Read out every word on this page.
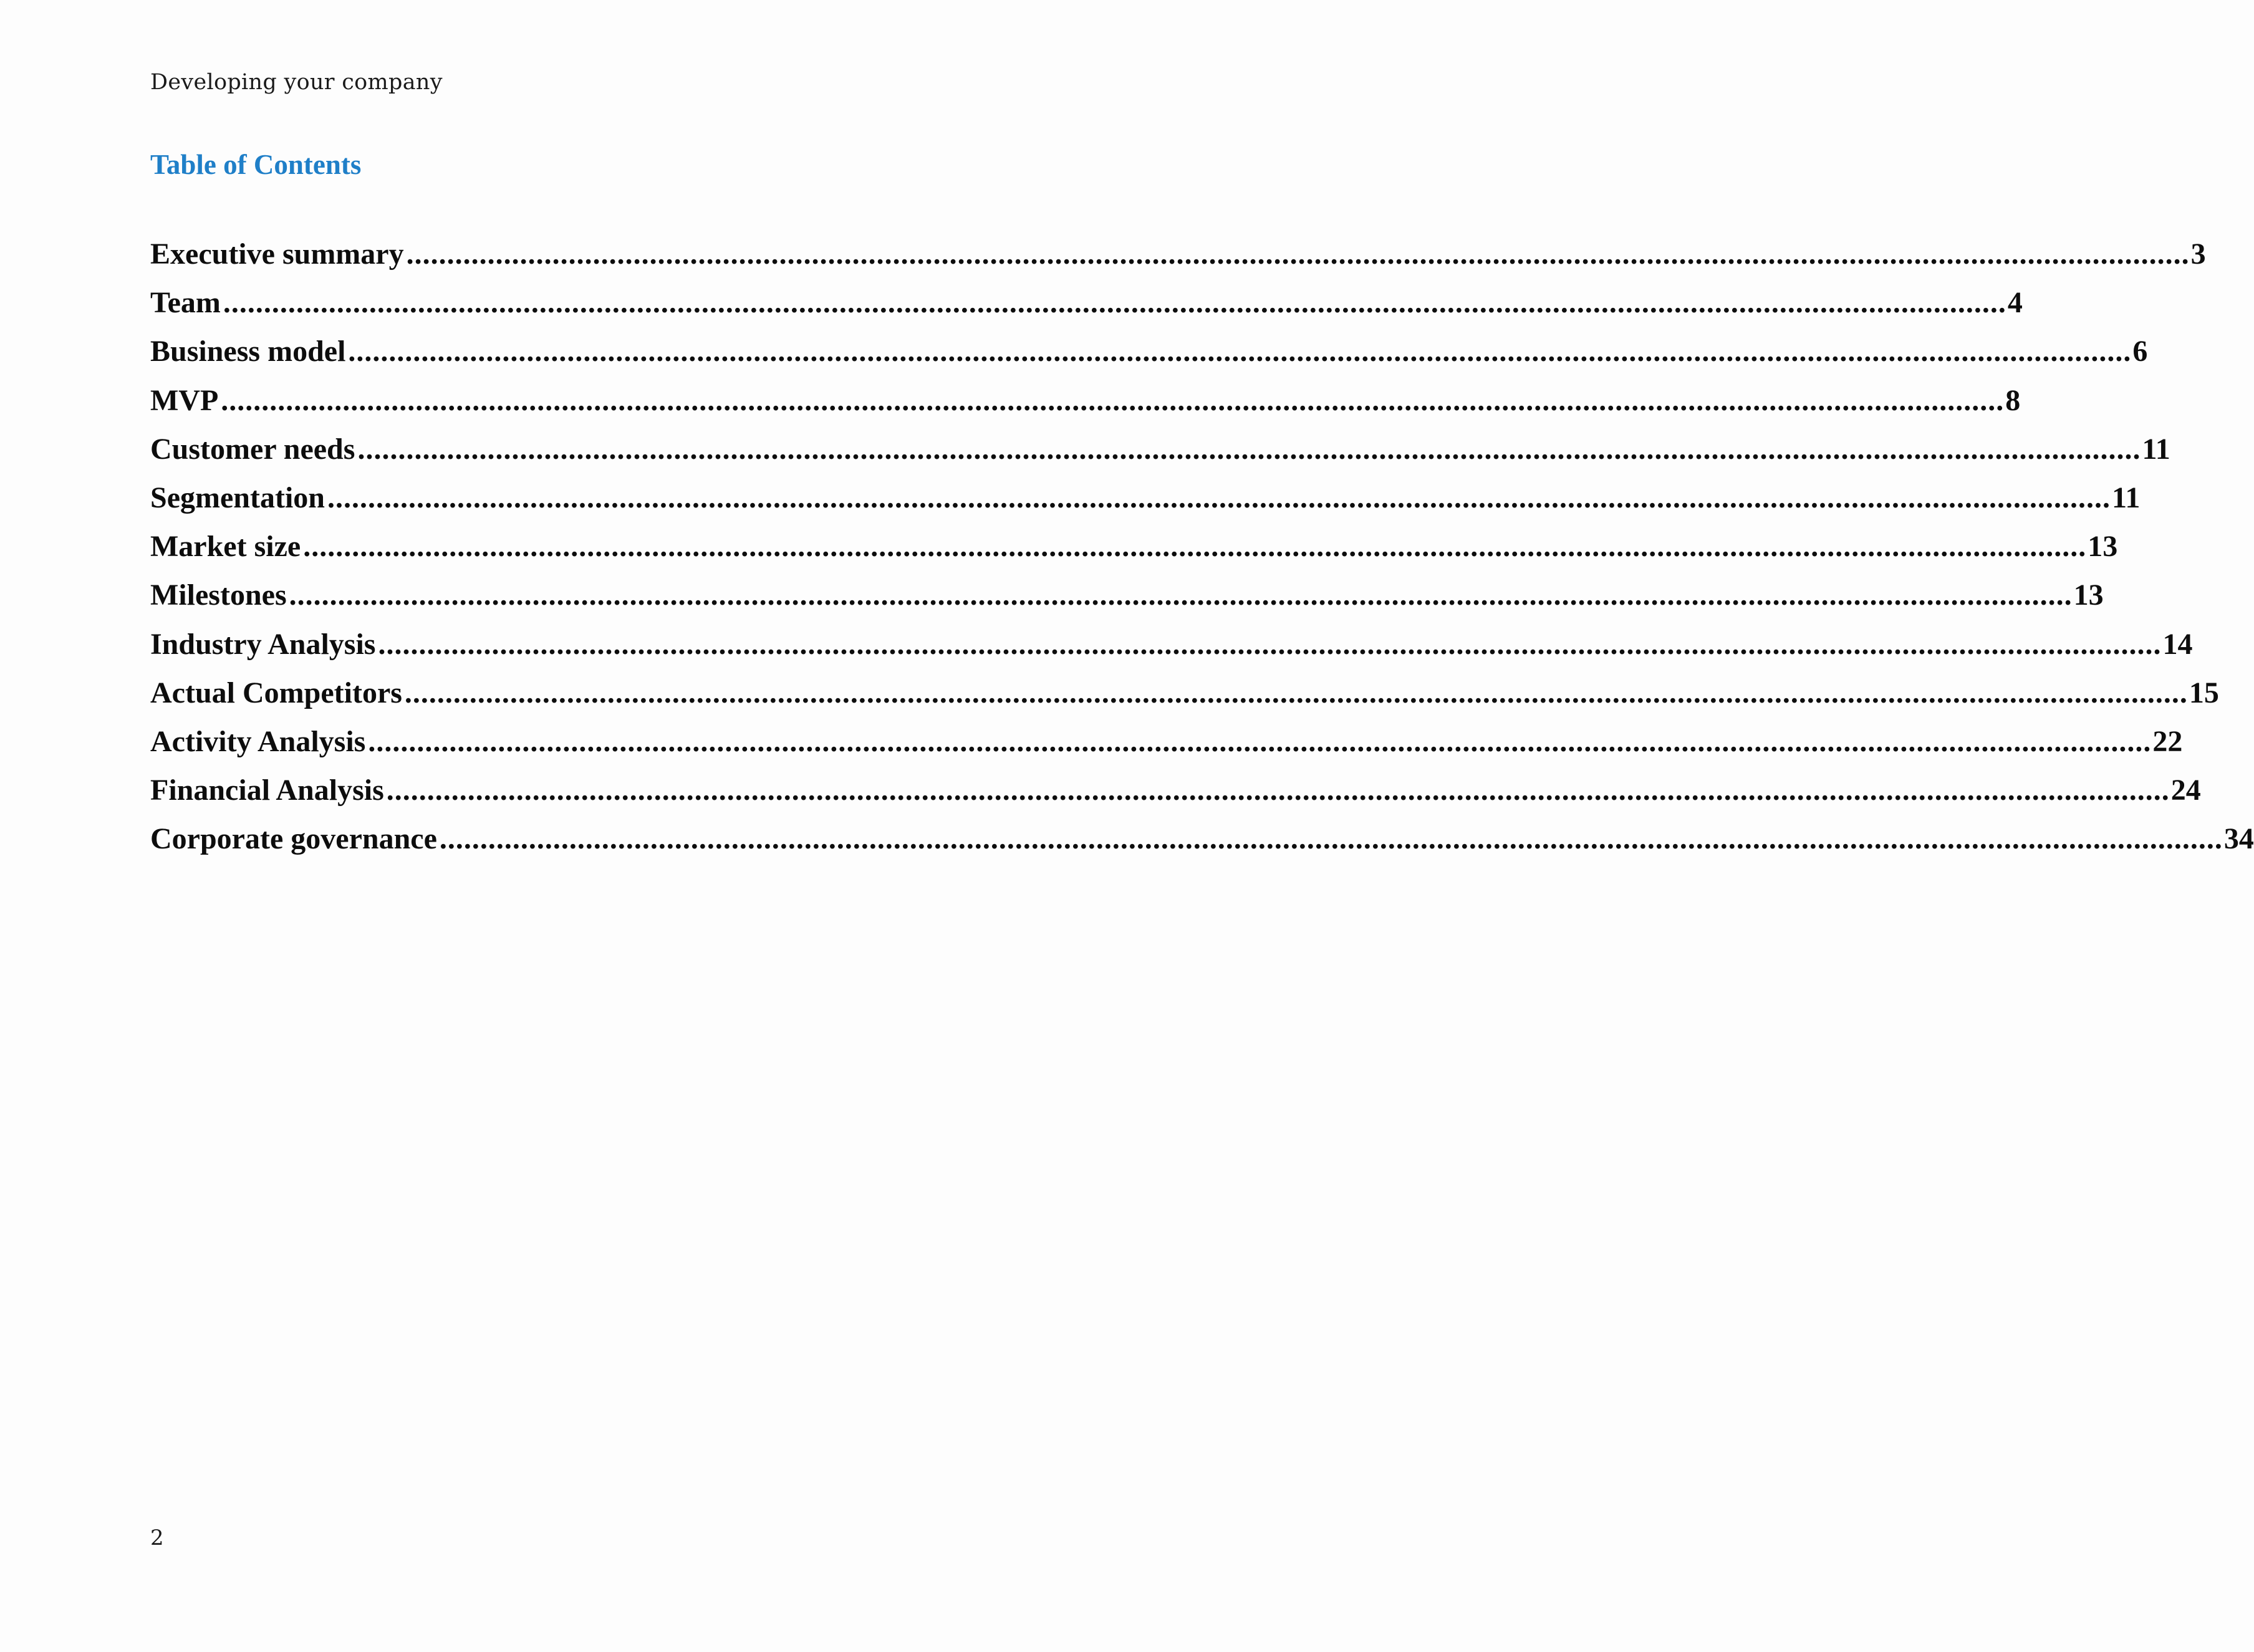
Developing your company
Table of Contents
Executive summary ............................................................................................................................................................................................................................ 3
Team ............................................................................................................................................................................................................................ 4
Business model ............................................................................................................................................................................................................................ 6
MVP ............................................................................................................................................................................................................................ 8
Customer needs ............................................................................................................................................................................................................................ 11
Segmentation ............................................................................................................................................................................................................................ 11
Market size ............................................................................................................................................................................................................................ 13
Milestones ............................................................................................................................................................................................................................ 13
Industry Analysis ............................................................................................................................................................................................................................ 14
Actual Competitors ............................................................................................................................................................................................................................ 15
Activity Analysis ............................................................................................................................................................................................................................ 22
Financial Analysis ............................................................................................................................................................................................................................ 24
Corporate governance ............................................................................................................................................................................................................................ 34
2
